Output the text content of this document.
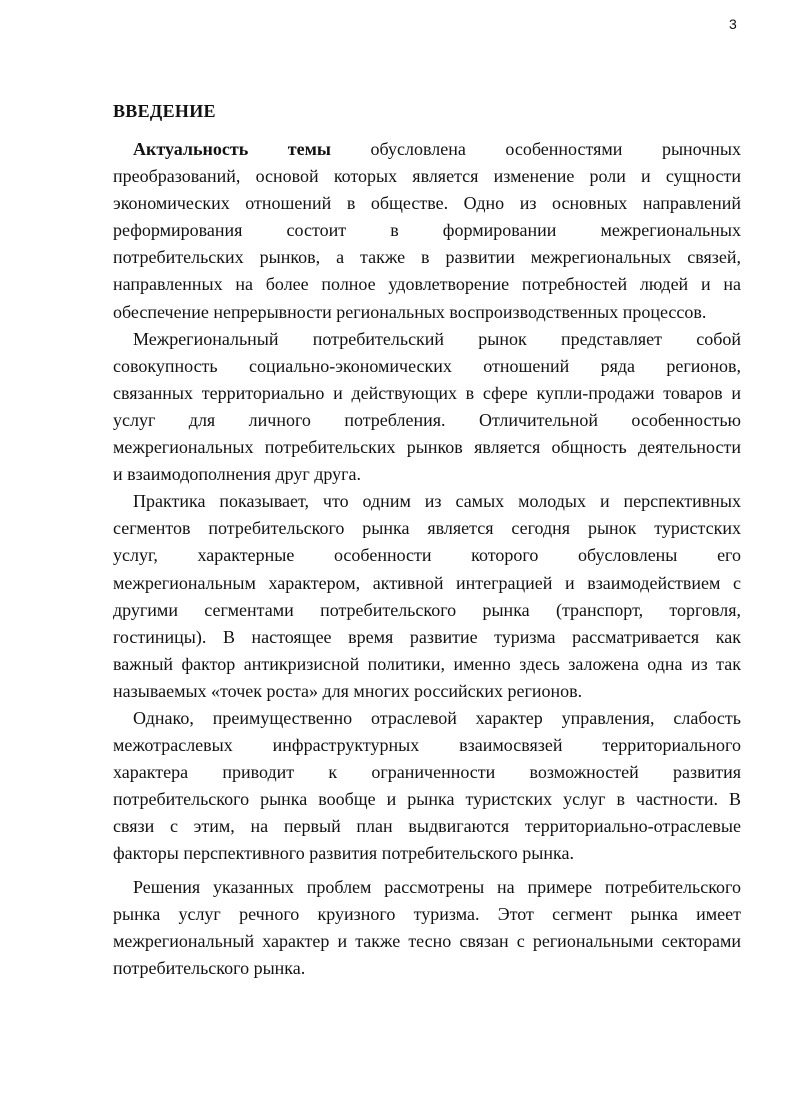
3
ВВЕДЕНИЕ
Актуальность темы обусловлена особенностями рыночных
преобразований, основой которых является изменение роли и сущности
экономических отношений в обществе. Одно из основных направлений
реформирования состоит в формировании межрегиональных
потребительских рынков, а также в развитии межрегиональных связей,
направленных на более полное удовлетворение потребностей людей и на
обеспечение непрерывности региональных воспроизводственных процессов.
Межрегиональный потребительский рынок представляет собой
совокупность социально-экономических отношений ряда регионов,
связанных территориально и действующих в сфере купли-продажи товаров и
услуг для личного потребления. Отличительной особенностью
межрегиональных потребительских рынков является общность деятельности
и взаимодополнения друг друга.
Практика показывает, что одним из самых молодых и перспективных
сегментов потребительского рынка является сегодня рынок туристских
услуг, характерные особенности которого обусловлены его
межрегиональным характером, активной интеграцией и взаимодействием с
другими сегментами потребительского рынка (транспорт, торговля,
гостиницы). В настоящее время развитие туризма рассматривается как
важный фактор антикризисной политики, именно здесь заложена одна из так
называемых «точек роста» для многих российских регионов.
Однако, преимущественно отраслевой характер управления, слабость
межотраслевых инфраструктурных взаимосвязей территориального
характера приводит к ограниченности возможностей развития
потребительского рынка вообще и рынка туристских услуг в частности. В
связи с этим, на первый план выдвигаются территориально-отраслевые
факторы перспективного развития потребительского рынка.
Решения указанных проблем рассмотрены на примере потребительского
рынка услуг речного круизного туризма. Этот сегмент рынка имеет
межрегиональный характер и также тесно связан с региональными секторами
потребительского рынка.
